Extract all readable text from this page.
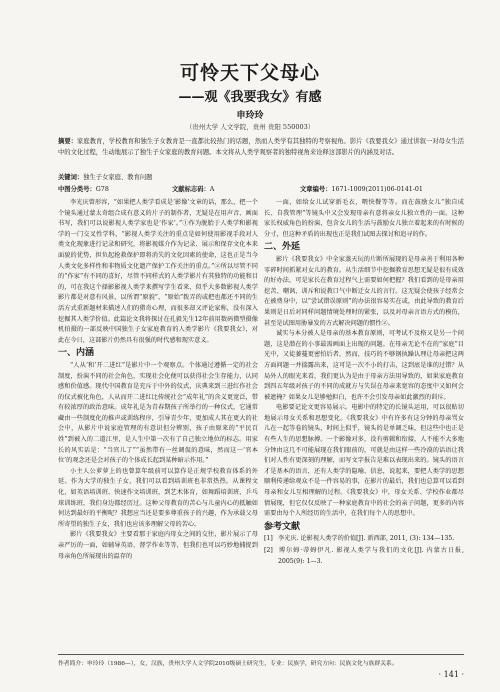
可怜天下父母心
——观《我要我女》有感
申玲玲
（贵州大学 人文学院，贵州 贵阳 550003）
摘要：家庭教育，学校教育和独生子女教育是一直都比较热门的话题，然而人类学有其独特的考察视角。影片《我要我女》通过讲叙一对母女生活中的文化过程，生动地展示了独生子女家庭的教育问题。本文将从人类学观察者的独特视角来诠释这部影片的内涵及对话。
关键词：独生子女家庭、教育问题
中图分类号：G78	文献标志码：A	文章编号：1671-1009(2011)06-0141-01

李光庆曾形容，“如果把人类学看成是‘影像’文章的话，那么，把一个个镜头通过蒙太奇组合成有意义的片子的制作者，无疑是在用声音、画面书写，我们可以说影视人类学家也是‘作家’。”①作为脱胎于人类学和影视学的一门交叉性学科，“影视人类学关注的重点是如何使用影视手段对人类文化现象进行记录和研究，将影视媒介作为记录、展示和保存文化本来面貌的优势，担负起抢救保护即将消失的文化因素的使命，这也正是当今人类文化多样性和非物质文化遗产保护工作关注的重点。”②所以尽管不同的“作家”有不同的喜好，尽管不同样式的人类学影片有其独特的功能和目的，可在我这个择影影视人类学来撰写学生看来，似乎大多数影视人类学影片都是对意有风景，以所谓“原貌”、“原始”拨弄的或把也都还不同的生活方式重新题材来描述人们的猎奇心理，而很多却又评论家称，没有深入挖掘其人类学价值。此篇论文我将探讨在孔毅先生12年前用数码微型摄像机拍摄的一部反映中国独生子女家庭教育的人类学影片《我要我女》，对此在今日，这部影片仍然具有很强的时代感和现实意义。

一、内涵

“人从‘和’开二进红”是影片中一个观察点。个体通过遵循一定的社会制度，扮演不同的社会角色，实现社会化便可以获得社会生存能力，认同感和价值感。现代中国教育是充斥于中外的仪式，庆典来到三进红作社会的仪式被化角色，人从而开二进红比传统社会“成年礼”的含义更宽泛，带有较浓厚的政治意味。成年礼是为青春期孩子所举行的一种仪式，它通常藏由一些制度化的推声或训练程序，引导青少年，更加成人其在更大的社会中，从影片中说家庭管理的有意识但分辨别，孩子由原来的“平民百姓”到被入的二道江里，是人生中第一次有了自己独立地位的标志。用家长的风实话是：“当官儿了”“虽然带有一丝调侃的意味，然而这一‘官本位’的观念还是会对孩子的个体成长起到某种暗示作用。”

小主人公萝萝上的也曾算年级前可以算作是正规学校教育体系的外延。作为大学的独生子女，我们可以看到培训班也非常热热。从课程文化，如英语培训班、快速作文培训班，到艺术体育，如舞蹈培训班、乒乓球训练班，我们身边都经历过。这种父母教育的苦心与儿童内心的抵触如何达到最好的平衡呢？我想应当还是要多尊重孩子的兴趣，作为承载父母所寄望的独生子女，我们也应该多理解父母的苦心。

影片《我要我女》主要看那于家庭内母女之间的交往，影片展示了母亲严厉的一面，如辅导英语、督学作业等等，但我们也可以巧妙地捕捉到母亲角色所展现出的温存的

一面，如给女儿试穿新毛衣，喂快餐等等。而在鼓励女儿“独自成长、自我管理”等镜头中又会发现母亲有意将亲女儿独立性的一面。这种家长权威角色的扮演，包含女儿的生活与鼓励女儿独立着起来的有时候的分寸，但这种矛盾的出现也正是我们试图去探讨和追寻的作。

二、外延

影片《我要我女》中全家蒸天玩的片断所展现的是母亲善于利用各种零碎时间抓紧对女儿的教育。从生活细节中挖掘教育思想无疑是很有成效的好办法，可是家长在教育过程气上需要如何把握？我们看到的是母亲用挖苦、嘲讽、训斥和说教口气中断迁女儿的言行。这无疑会使孩子经常会在被费身中，以“尝试错误原则”的办法很容易实在或，由此导致的教育后果则是日后对同样问题情境处理时的紧张，以及对母亲言语方式的模仿，甚至是试图用胁暴发的方式解决问题的惯性②。

诚实与本分被人是母亲的基本教育原则，可考试不及格又是另一个问题，这是潜在的小事最需画面上出现的问题。在母亲无论不在的“家庭”目光中，又徒萎蔓更密怕后者，然而，技巧的不够钢执躁认理让母亲把这两方面问题一并揣露出来，这可是一次不小的打击，这到底是谁的过错？从局外人的眼光来看，我们更认为是由于母亲方法用导致的，如果家庭教育到四五年级对孩子的不同的成就方与失误在母亲来宽容的态度中又如何会被遮掩？如果女儿是够勉担白，也许不会引发母亲如此激烈的训斥。

电影要记论文更容易展示。电影中的特定的长镜头运用，可以很贴切地展示母女关系和思想变化。《我要我女》中有许多有这分钟的母亲骂女儿在一起等卷的镜头，时间上似乎，镜头的是单调乏味，但这些中也正是有些人生的思想脉搏。一个影像对多，没有剪辑和衔接，人不能不大多地分钟由这几不可能展现在我们眼前的，可就是由这样一些冷漠的话语让我们对人性有更深刻的理解，而写文字报告是难以表现出来的。镜头的语言才是基本的语言，还有人类学的隐喻、信息，说起来，要把人类学的思想顺利传递给观众不是一件容易的事，在影片的最后，我们也总算可以看到母亲和女儿互相理解的过程。《我要我女》中，母女关系、学校作业都尽情展现，但它仅仅反映了一种家庭教育中的社会的亲子问题，更多的内容需要由每个人所经历的生活中，在我们每个人的思想中。

参考文献

[1] 李光庆. 论影视人类学的价值[J]. 新西部, 2011, (3): 134—135.

[2] 博尔姆·蒂姆伊凡. 影视人类学与我们的文化[J]. 内蒙古日报, 2005(9): 1—3.

作者简介：申玲玲（1986—），女，汉族，贵州大学人文学院2010级硕士研究生，专业：民族学，研究方向：民族文化与族群关系。
· 141 ·
